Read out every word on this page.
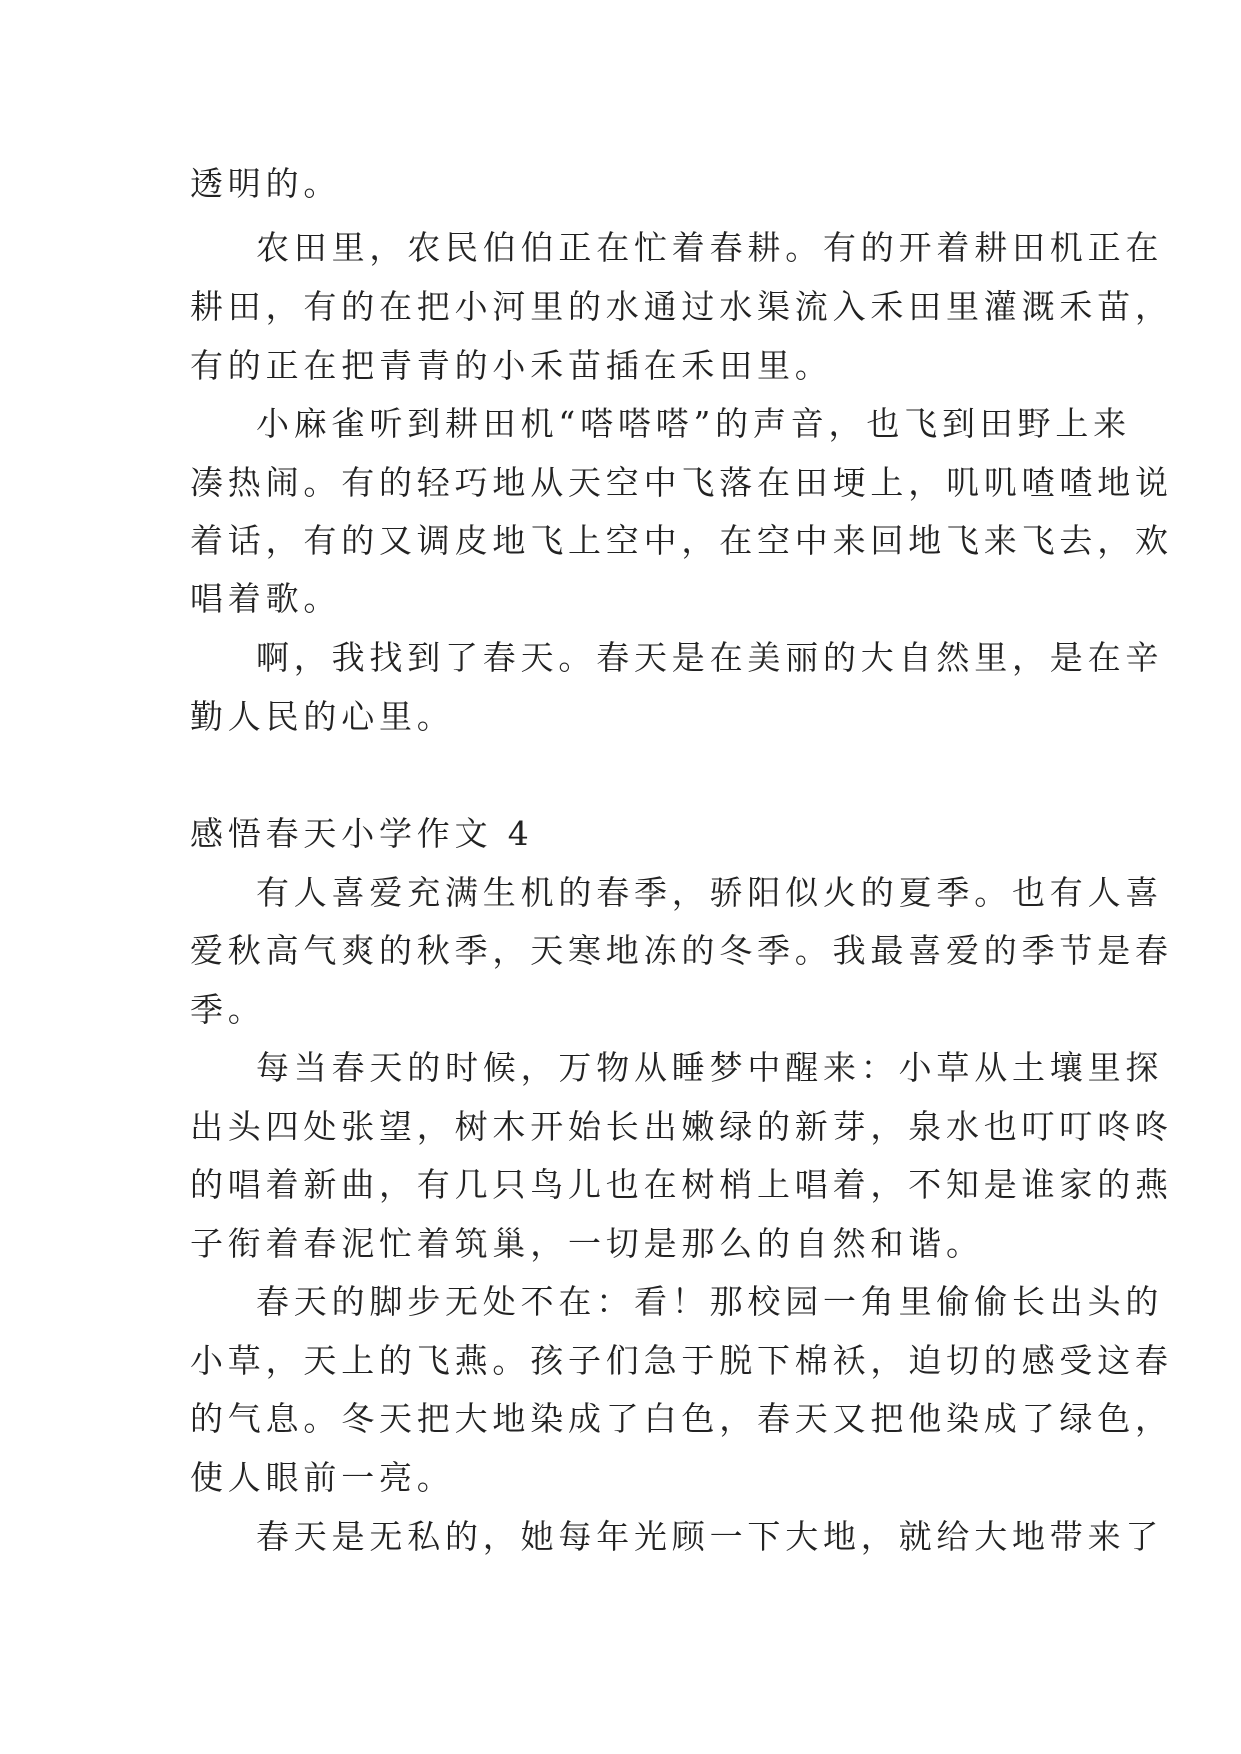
透明的。
农田里，农民伯伯正在忙着春耕。有的开着耕田机正在
耕田，有的在把小河里的水通过水渠流入禾田里灌溉禾苗，
有的正在把青青的小禾苗插在禾田里。
小麻雀听到耕田机“嗒嗒嗒”的声音，也飞到田野上来
凑热闹。有的轻巧地从天空中飞落在田埂上，叽叽喳喳地说
着话，有的又调皮地飞上空中，在空中来回地飞来飞去，欢
唱着歌。
啊，我找到了春天。春天是在美丽的大自然里，是在辛
勤人民的心里。
感悟春天小学作文 4
有人喜爱充满生机的春季，骄阳似火的夏季。也有人喜
爱秋高气爽的秋季，天寒地冻的冬季。我最喜爱的季节是春
季。
每当春天的时候，万物从睡梦中醒来：小草从土壤里探
出头四处张望，树木开始长出嫩绿的新芽，泉水也叮叮咚咚
的唱着新曲，有几只鸟儿也在树梢上唱着，不知是谁家的燕
子衔着春泥忙着筑巢，一切是那么的自然和谐。
春天的脚步无处不在：看！那校园一角里偷偷长出头的
小草，天上的飞燕。孩子们急于脱下棉袄，迫切的感受这春
的气息。冬天把大地染成了白色，春天又把他染成了绿色，
使人眼前一亮。
春天是无私的，她每年光顾一下大地，就给大地带来了
